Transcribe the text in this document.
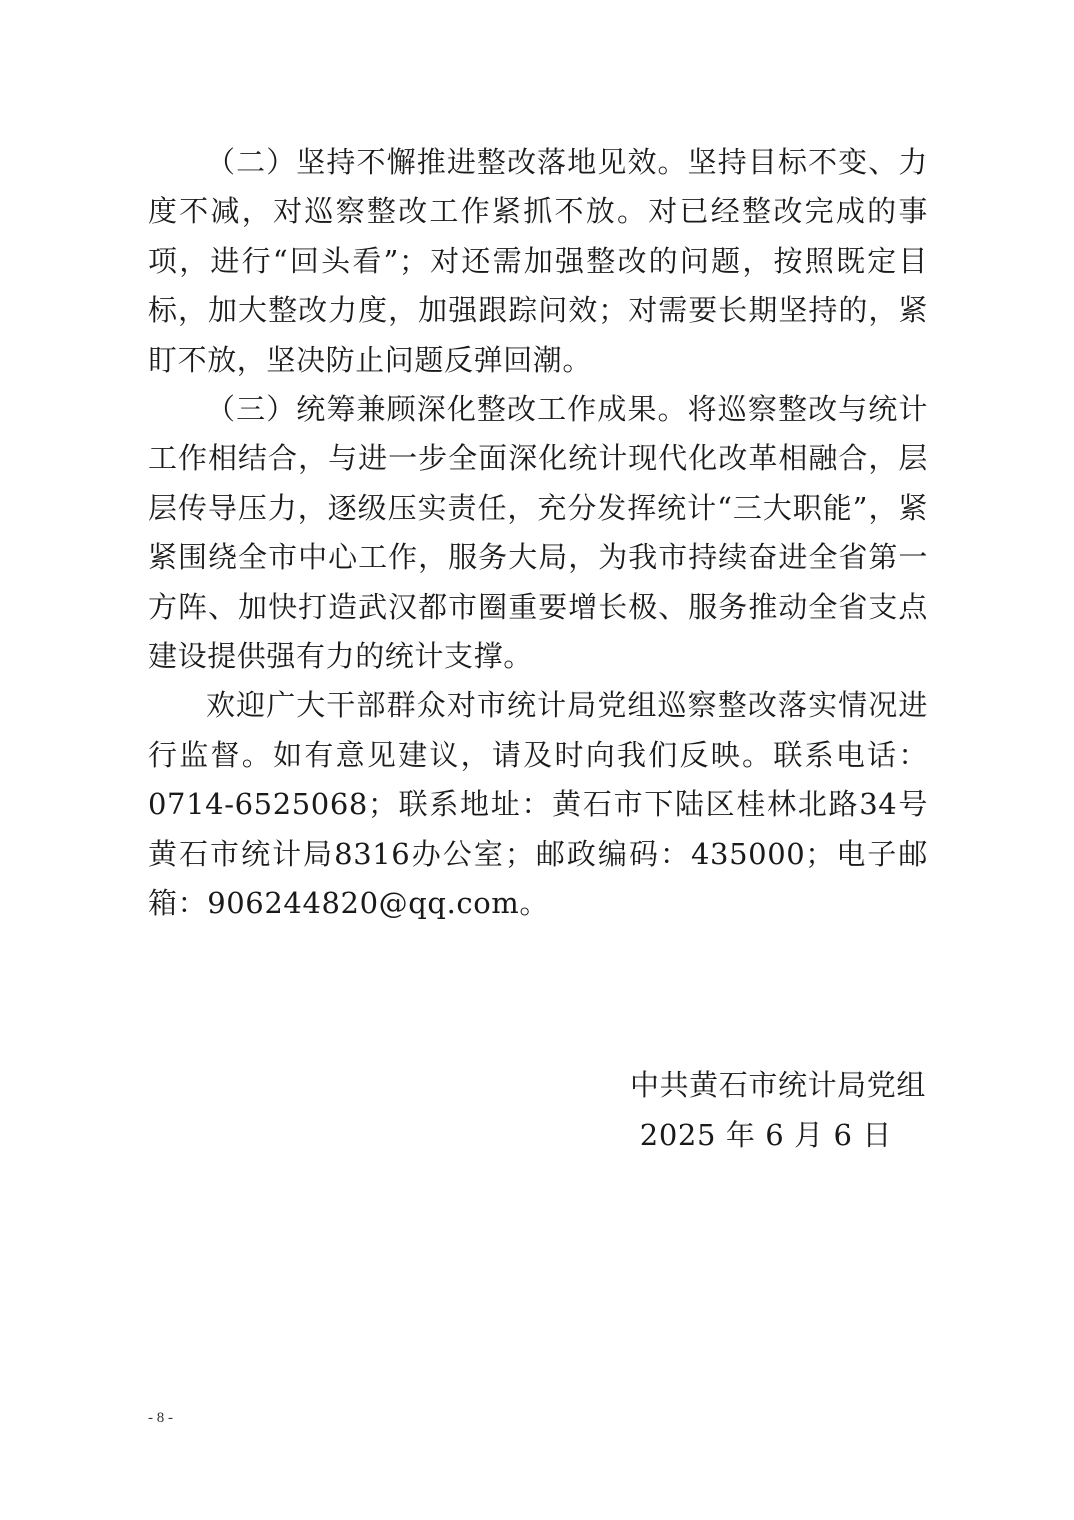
（二）坚持不懈推进整改落地见效。坚持目标不变、力度不减，对巡察整改工作紧抓不放。对已经整改完成的事项，进行“回头看”；对还需加强整改的问题，按照既定目标，加大整改力度，加强跟踪问效；对需要长期坚持的，紧盯不放，坚决防止问题反弹回潮。

（三）统筹兼顾深化整改工作成果。将巡察整改与统计工作相结合，与进一步全面深化统计现代化改革相融合，层层传导压力，逐级压实责任，充分发挥统计“三大职能”，紧紧围绕全市中心工作，服务大局，为我市持续奋进全省第一方阵、加快打造武汉都市圈重要增长极、服务推动全省支点建设提供强有力的统计支撑。

欢迎广大干部群众对市统计局党组巡察整改落实情况进行监督。如有意见建议，请及时向我们反映。联系电话：0714-6525068；联系地址：黄石市下陆区桂林北路34号黄石市统计局8316办公室；邮政编码：435000；电子邮箱：906244820@qq.com。

中共黄石市统计局党组
2025 年 6 月 6 日
- 8 -
